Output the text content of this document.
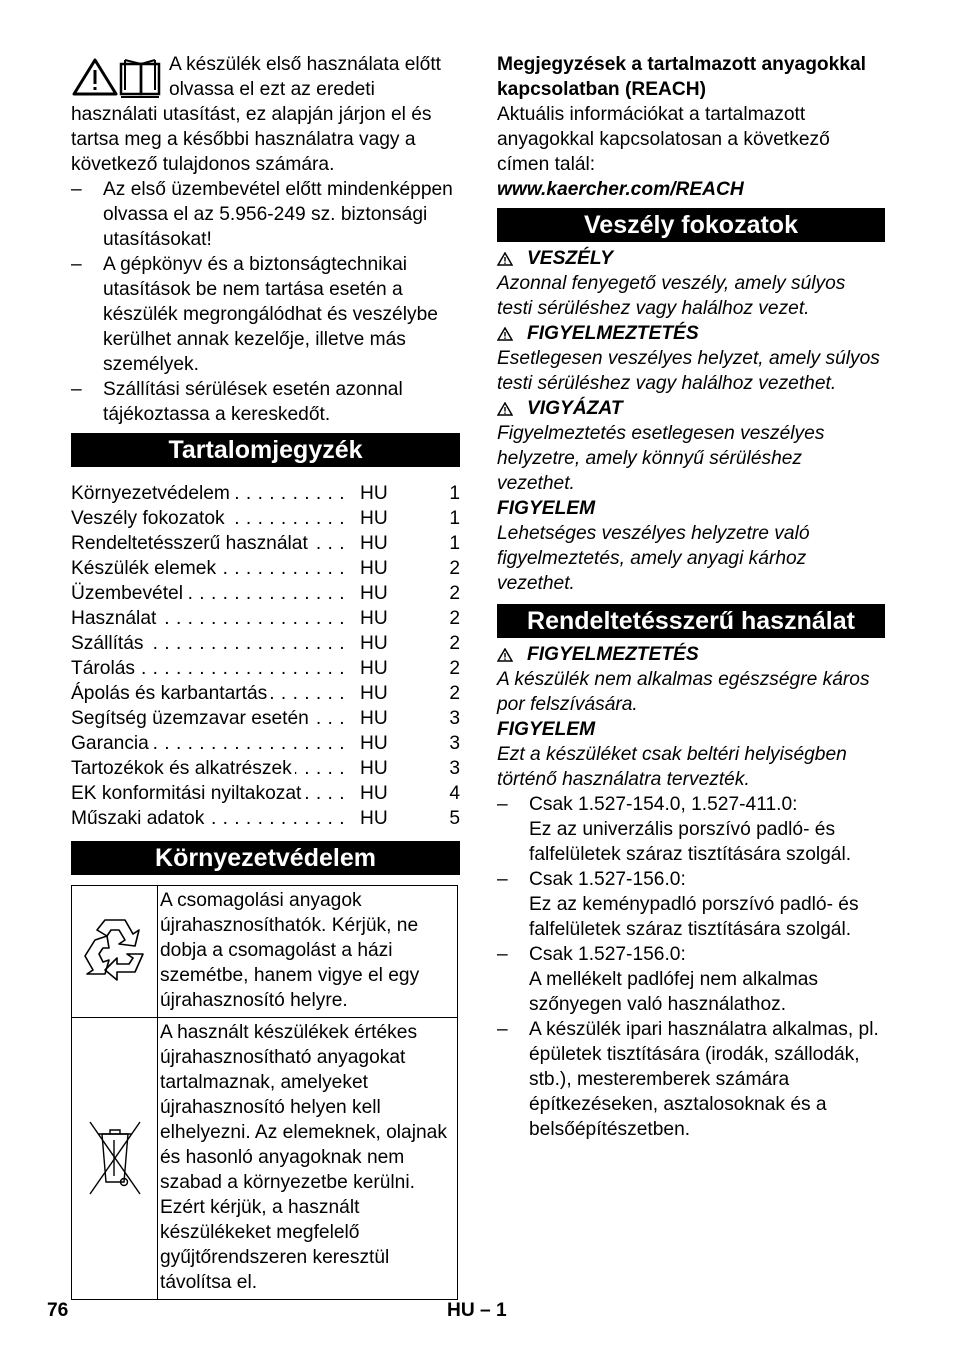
A készülék első használata előtt olvassa el ezt az eredeti használati utasítást, ez alapján járjon el és tartsa meg a későbbi használatra vagy a következő tulajdonos számára.

–	Az első üzembevétel előtt mindenképpen olvassa el az 5.956-249 sz. biztonsági utasításokat!
–	A gépkönyv és a biztonságtechnikai utasítások be nem tartása esetén a készülék megrongálódhat és veszélybe kerülhet annak kezelője, illetve más személyek.
–	Szállítási sérülések esetén azonnal tájékoztassa a kereskedőt.
Tartalomjegyzék
Környezetvédelem . . .	HU	1
Veszély fokozatok . . .	HU	1
Rendeltetésszerű használat . . .	HU	1
Készülék elemek . . .	HU	2
Üzembevétel . . .	HU	2
Használat . . .	HU	2
Szállítás . . .	HU	2
Tárolás . . .	HU	2
Ápolás és karbantartás . . .	HU	2
Segítség üzemzavar esetén . . .	HU	3
Garancia . . .	HU	3
Tartozékok és alkatrészek . . .	HU	3
EK konformitási nyiltakozat . . .	HU	4
Műszaki adatok . . .	HU	5
Környezetvédelem
	A csomagolási anyagok újrahasznosíthatók. Kérjük, ne dobja a csomagolást a házi szemétbe, hanem vigye el egy újrahasznosító helyre.
	A használt készülékek értékes újrahasznosítható anyagokat tartalmaznak, amelyeket újrahasznosító helyen kell elhelyezni. Az elemeknek, olajnak és hasonló anyagoknak nem szabad a környezetbe kerülni. Ezért kérjük, a használt készülékeket megfelelő gyűjtőrendszeren keresztül távolítsa el.

Megjegyzések a tartalmazott anyagokkal kapcsolatban (REACH)

Aktuális információkat a tartalmazott anyagokkal kapcsolatosan a következő címen talál:

www.kaercher.com/REACH

Veszély fokozatok
VESZÉLY

Azonnal fenyegető veszély, amely súlyos testi sérüléshez vagy halálhoz vezet.

FIGYELMEZTETÉS

Esetlegesen veszélyes helyzet, amely súlyos testi sérüléshez vagy halálhoz vezethet.

VIGYÁZAT

Figyelmeztetés esetlegesen veszélyes helyzetre, amely könnyű sérüléshez vezethet.

FIGYELEM

Lehetséges veszélyes helyzetre való figyelmeztetés, amely anyagi kárhoz vezethet.

Rendeltetésszerű használat
FIGYELMEZTETÉS

A készülék nem alkalmas egészségre káros por felszívására.

FIGYELEM

Ezt a készüléket csak beltéri helyiségben történő használatra tervezték.

–	Csak 1.527-154.0, 1.527-411.0:
Ez az univerzális porszívó padló- és falfelületek száraz tisztítására szolgál.
–	Csak 1.527-156.0:
Ez az keménypadló porszívó padló- és falfelületek száraz tisztítására szolgál.
–	Csak 1.527-156.0:
A mellékelt padlófej nem alkalmas szőnyegen való használathoz.
–	A készülék ipari használatra alkalmas, pl. épületek tisztítására (irodák, szállodák, stb.), mesteremberek számára építkezéseken, asztalosoknak és a belsőépítészetben.
76	HU – 1
